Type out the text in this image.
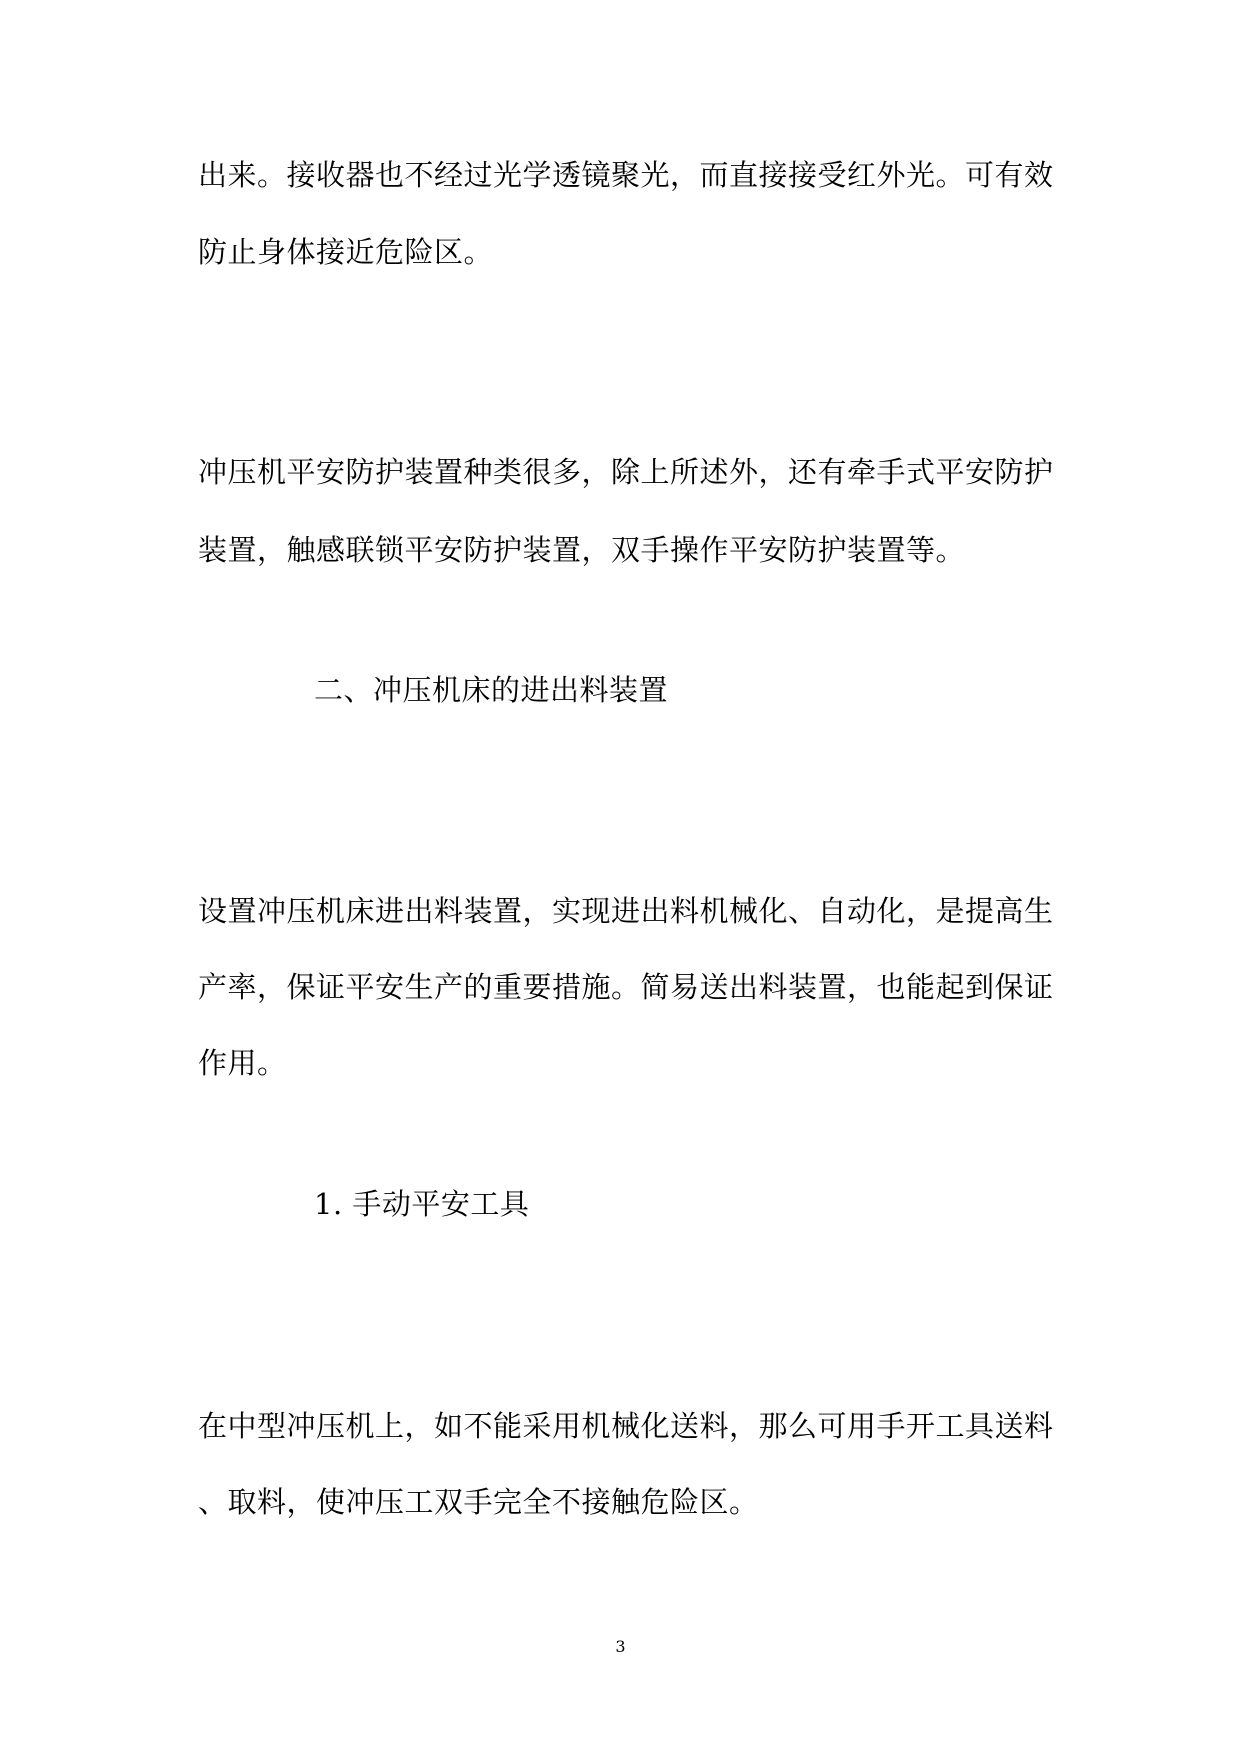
出来。接收器也不经过光学透镜聚光，而直接接受红外光。可有效
防止身体接近危险区。
冲压机平安防护装置种类很多，除上所述外，还有牵手式平安防护
装置，触感联锁平安防护装置，双手操作平安防护装置等。
二、冲压机床的进出料装置
设置冲压机床进出料装置，实现进出料机械化、自动化，是提高生
产率，保证平安生产的重要措施。简易送出料装置，也能起到保证
作用。
1. 手动平安工具
在中型冲压机上，如不能采用机械化送料，那么可用手开工具送料
、取料，使冲压工双手完全不接触危险区。
3
